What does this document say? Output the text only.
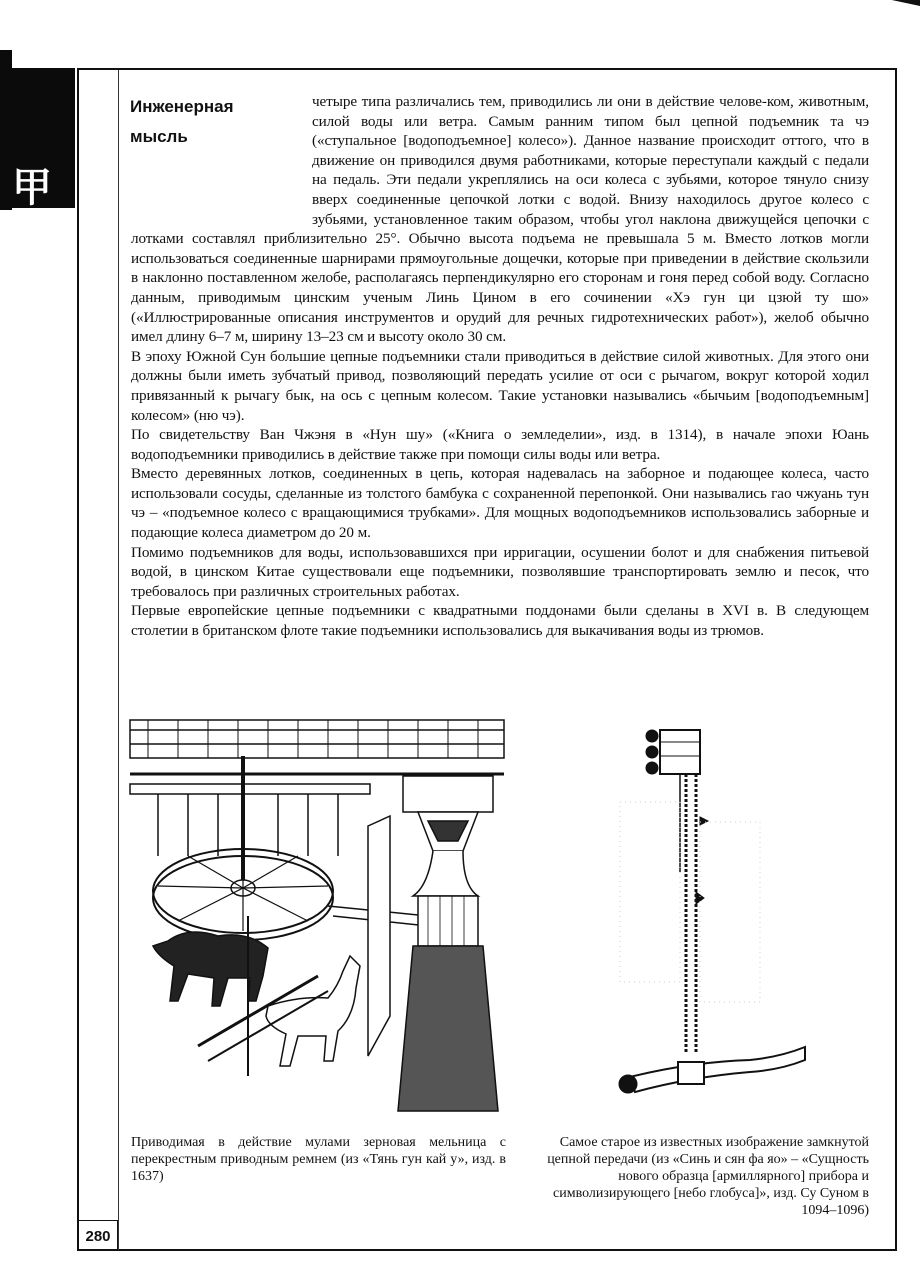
甲
Инженерная
мысль

четыре типа различались тем, приводились ли они в действие челове-ком, животным, силой воды или ветра. Самым ранним типом был цепной подъемник та чэ («ступальное [водоподъемное] колесо»). Данное название происходит оттого, что в движение он приводился двумя работниками, которые переступали каждый с педали на педаль. Эти педали укреплялись на оси колеса с зубьями, которое тянуло снизу вверх соединенные цепочкой лотки с водой. Внизу находилось другое колесо с зубьями, установленное таким образом, чтобы угол наклона движущейся цепочки с лотками составлял приблизительно 25°. Обычно высота подъема не превышала 5 м. Вместо лотков могли использоваться соединенные шарнирами прямоугольные дощечки, которые при приведении в действие скользили в наклонно поставленном желобе, располагаясь перпендикулярно его сторонам и гоня перед собой воду. Согласно данным, приводимым цинским ученым Линь Цином в его сочинении «Хэ гун ци цзюй ту шо» («Иллюстрированные описания инструментов и орудий для речных гидротехнических работ»), желоб обычно имел длину 6–7 м, ширину 13–23 см и высоту около 30 см.

В эпоху Южной Сун большие цепные подъемники стали приводиться в действие силой животных. Для этого они должны были иметь зубчатый привод, позволяющий передать усилие от оси с рычагом, вокруг которой ходил привязанный к рычагу бык, на ось с цепным колесом. Такие установки назывались «бычьим [водоподъемным] колесом» (ню чэ).

По свидетельству Ван Чжэня в «Нун шу» («Книга о земледелии», изд. в 1314), в начале эпохи Юань водоподъемники приводились в действие также при помощи силы воды или ветра.

Вместо деревянных лотков, соединенных в цепь, которая надевалась на заборное и подающее колеса, часто использовали сосуды, сделанные из толстого бамбука с сохраненной перепонкой. Они назывались гао чжуань тун чэ – «подъемное колесо с вращающимися трубками». Для мощных водоподъемников использовались заборные и подающие колеса диаметром до 20 м.

Помимо подъемников для воды, использовавшихся при ирригации, осушении болот и для снабжения питьевой водой, в цинском Китае существовали еще подъемники, позволявшие транспортировать землю и песок, что требовалось при различных строительных работах.

Первые европейские цепные подъемники с квадратными поддонами были сделаны в XVI в. В следующем столетии в британском флоте такие подъемники использовались для выкачивания воды из трюмов.

Приводимая в действие мулами зерновая мельница с перекрестным приводным ремнем (из «Тянь гун кай у», изд. в 1637)
Самое старое из известных изображение замкнутой цепной передачи (из «Синь и сян фа яо» – «Сущность нового образца [армиллярного] прибора и символизирующего [небо глобуса]», изд. Су Суном в 1094–1096)
280
